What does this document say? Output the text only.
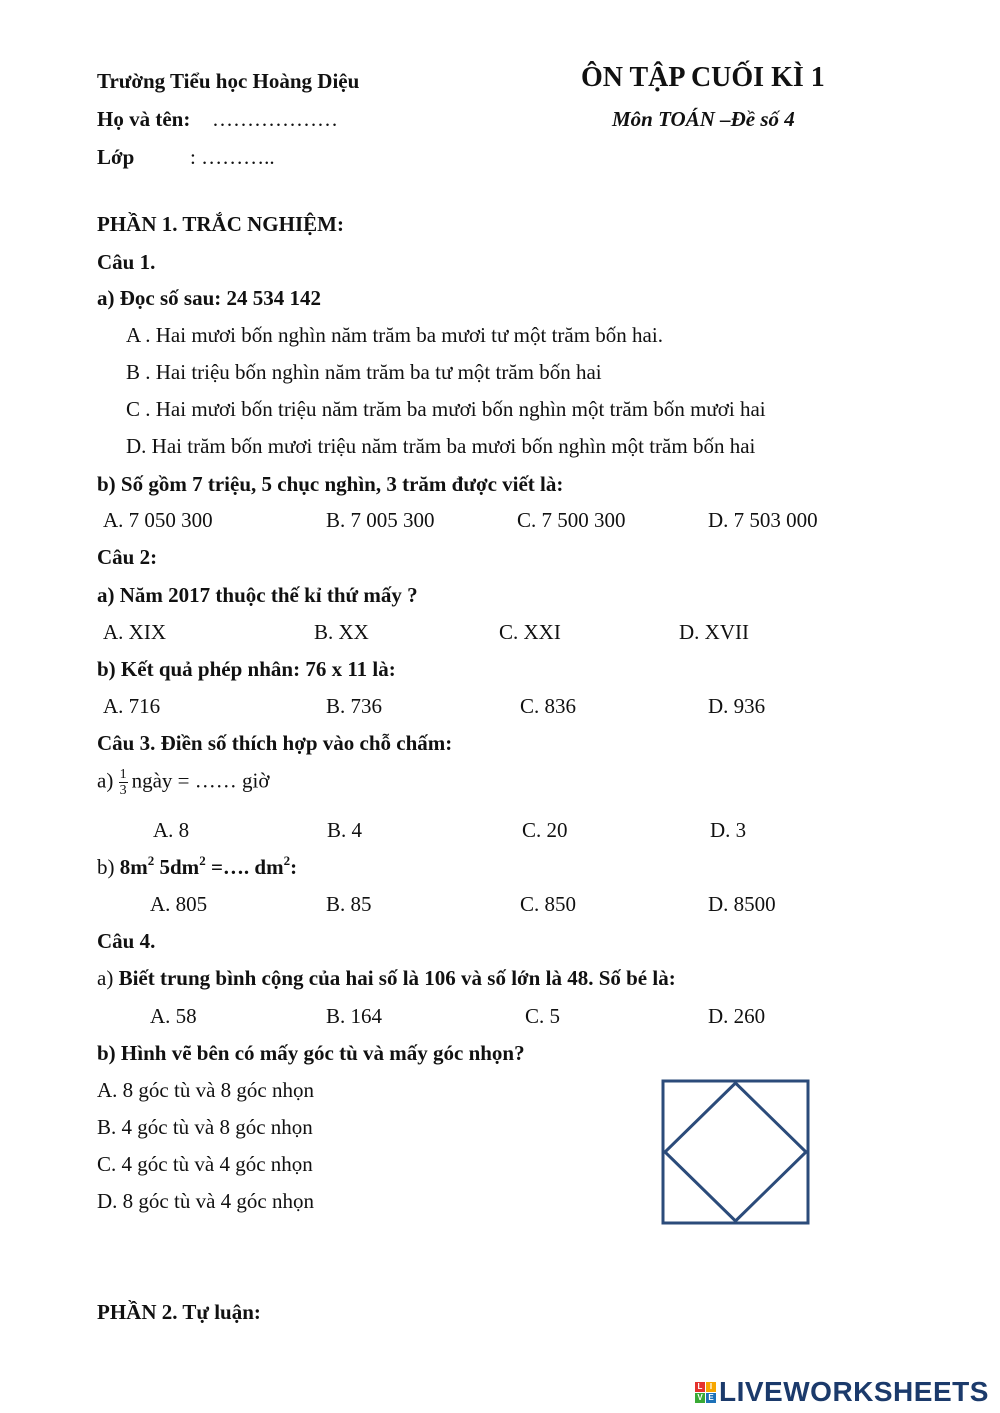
Trường Tiểu học Hoàng Diệu	ÔN TẬP CUỐI KÌ 1
Họ và tên: ………………	Môn TOÁN –Đề số 4
Lớp	: ………..
PHẦN 1. TRẮC NGHIỆM:
Câu 1.
a) Đọc số sau: 24 534 142
A . Hai mươi bốn nghìn năm trăm ba mươi tư một trăm bốn hai.
B . Hai triệu bốn nghìn năm trăm ba tư một trăm bốn hai
C . Hai mươi bốn triệu năm trăm ba mươi bốn nghìn một trăm bốn mươi hai
D. Hai trăm bốn mươi triệu năm trăm ba mươi bốn nghìn một trăm bốn hai
b) Số gồm 7 triệu, 5 chục nghìn, 3 trăm được viết là:
A. 7 050 300	B. 7 005 300	C. 7 500 300	D. 7 503 000
Câu 2:
a) Năm 2017 thuộc thế kỉ thứ mấy ?
A. XIX	B. XX	C. XXI	D. XVII
b) Kết quả phép nhân: 76 x 11 là:
A. 716	B. 736	C. 836	D. 936
Câu 3. Điền số thích hợp vào chỗ chấm:
$a) \frac{1}{3}$ ngày = …… giờ
A. 8	B. 4	C. 20	D. 3
b) $8m^2$ $5dm^2$ =…. $dm^2$:
A. 805	B. 85	C. 850	D. 8500
Câu 4.
a) Biết trung bình cộng của hai số là 106 và số lớn là 48. Số bé là:
A. 58	B. 164	C. 5	D. 260
b) Hình vẽ bên có mấy góc tù và mấy góc nhọn?
A. 8 góc tù và 8 góc nhọn
B. 4 góc tù và 8 góc nhọn
C. 4 góc tù và 4 góc nhọn
D. 8 góc tù và 4 góc nhọn
PHẦN 2. Tự luận:
L I
V E LIVEWORKSHEETS
